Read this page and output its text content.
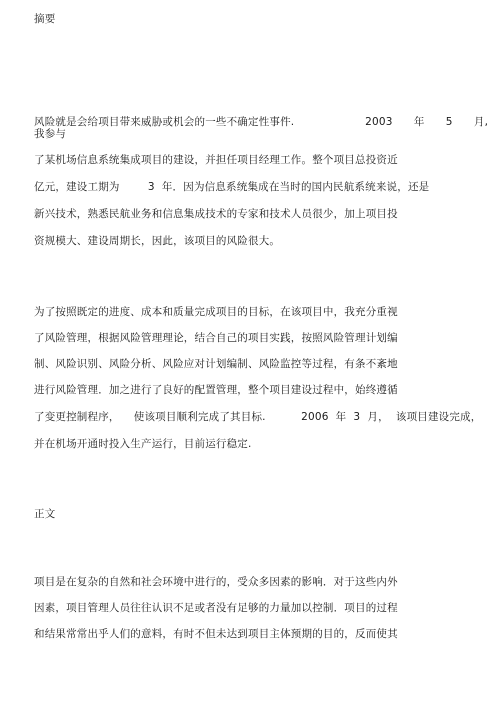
摘要
风险就是会给项目带来威胁或机会的一些不确定性事件.                    2003      年      5      月,
我参与
了某机场信息系统集成项目的建设，并担任项目经理工作。整个项目总投资近
亿元，建设工期为        3  年．因为信息系统集成在当时的国内民航系统来说，还是
新兴技术，熟悉民航业务和信息集成技术的专家和技术人员很少，加上项目投
资规模大、建设周期长，因此，该项目的风险很大。
为了按照既定的进度、成本和质量完成项目的目标，在该项目中，我充分重视
了风险管理，根据风险管理理论，结合自己的项目实践，按照风险管理计划编
制、风险识别、风险分析、风险应对计划编制、风险监控等过程，有条不紊地
进行风险管理．加之进行了良好的配置管理，整个项目建设过程中，始终遵循
了变更控制程序，    使该项目顺利完成了其目标.          2006  年  3  月，  该项目建设完成，
并在机场开通时投入生产运行，目前运行稳定.
正文
项目是在复杂的自然和社会环境中进行的，受众多因素的影响．对于这些内外
因素，项目管理人员往往认识不足或者没有足够的力量加以控制．项目的过程
和结果常常出乎人们的意料，有时不但未达到项目主体预期的目的，反而使其
